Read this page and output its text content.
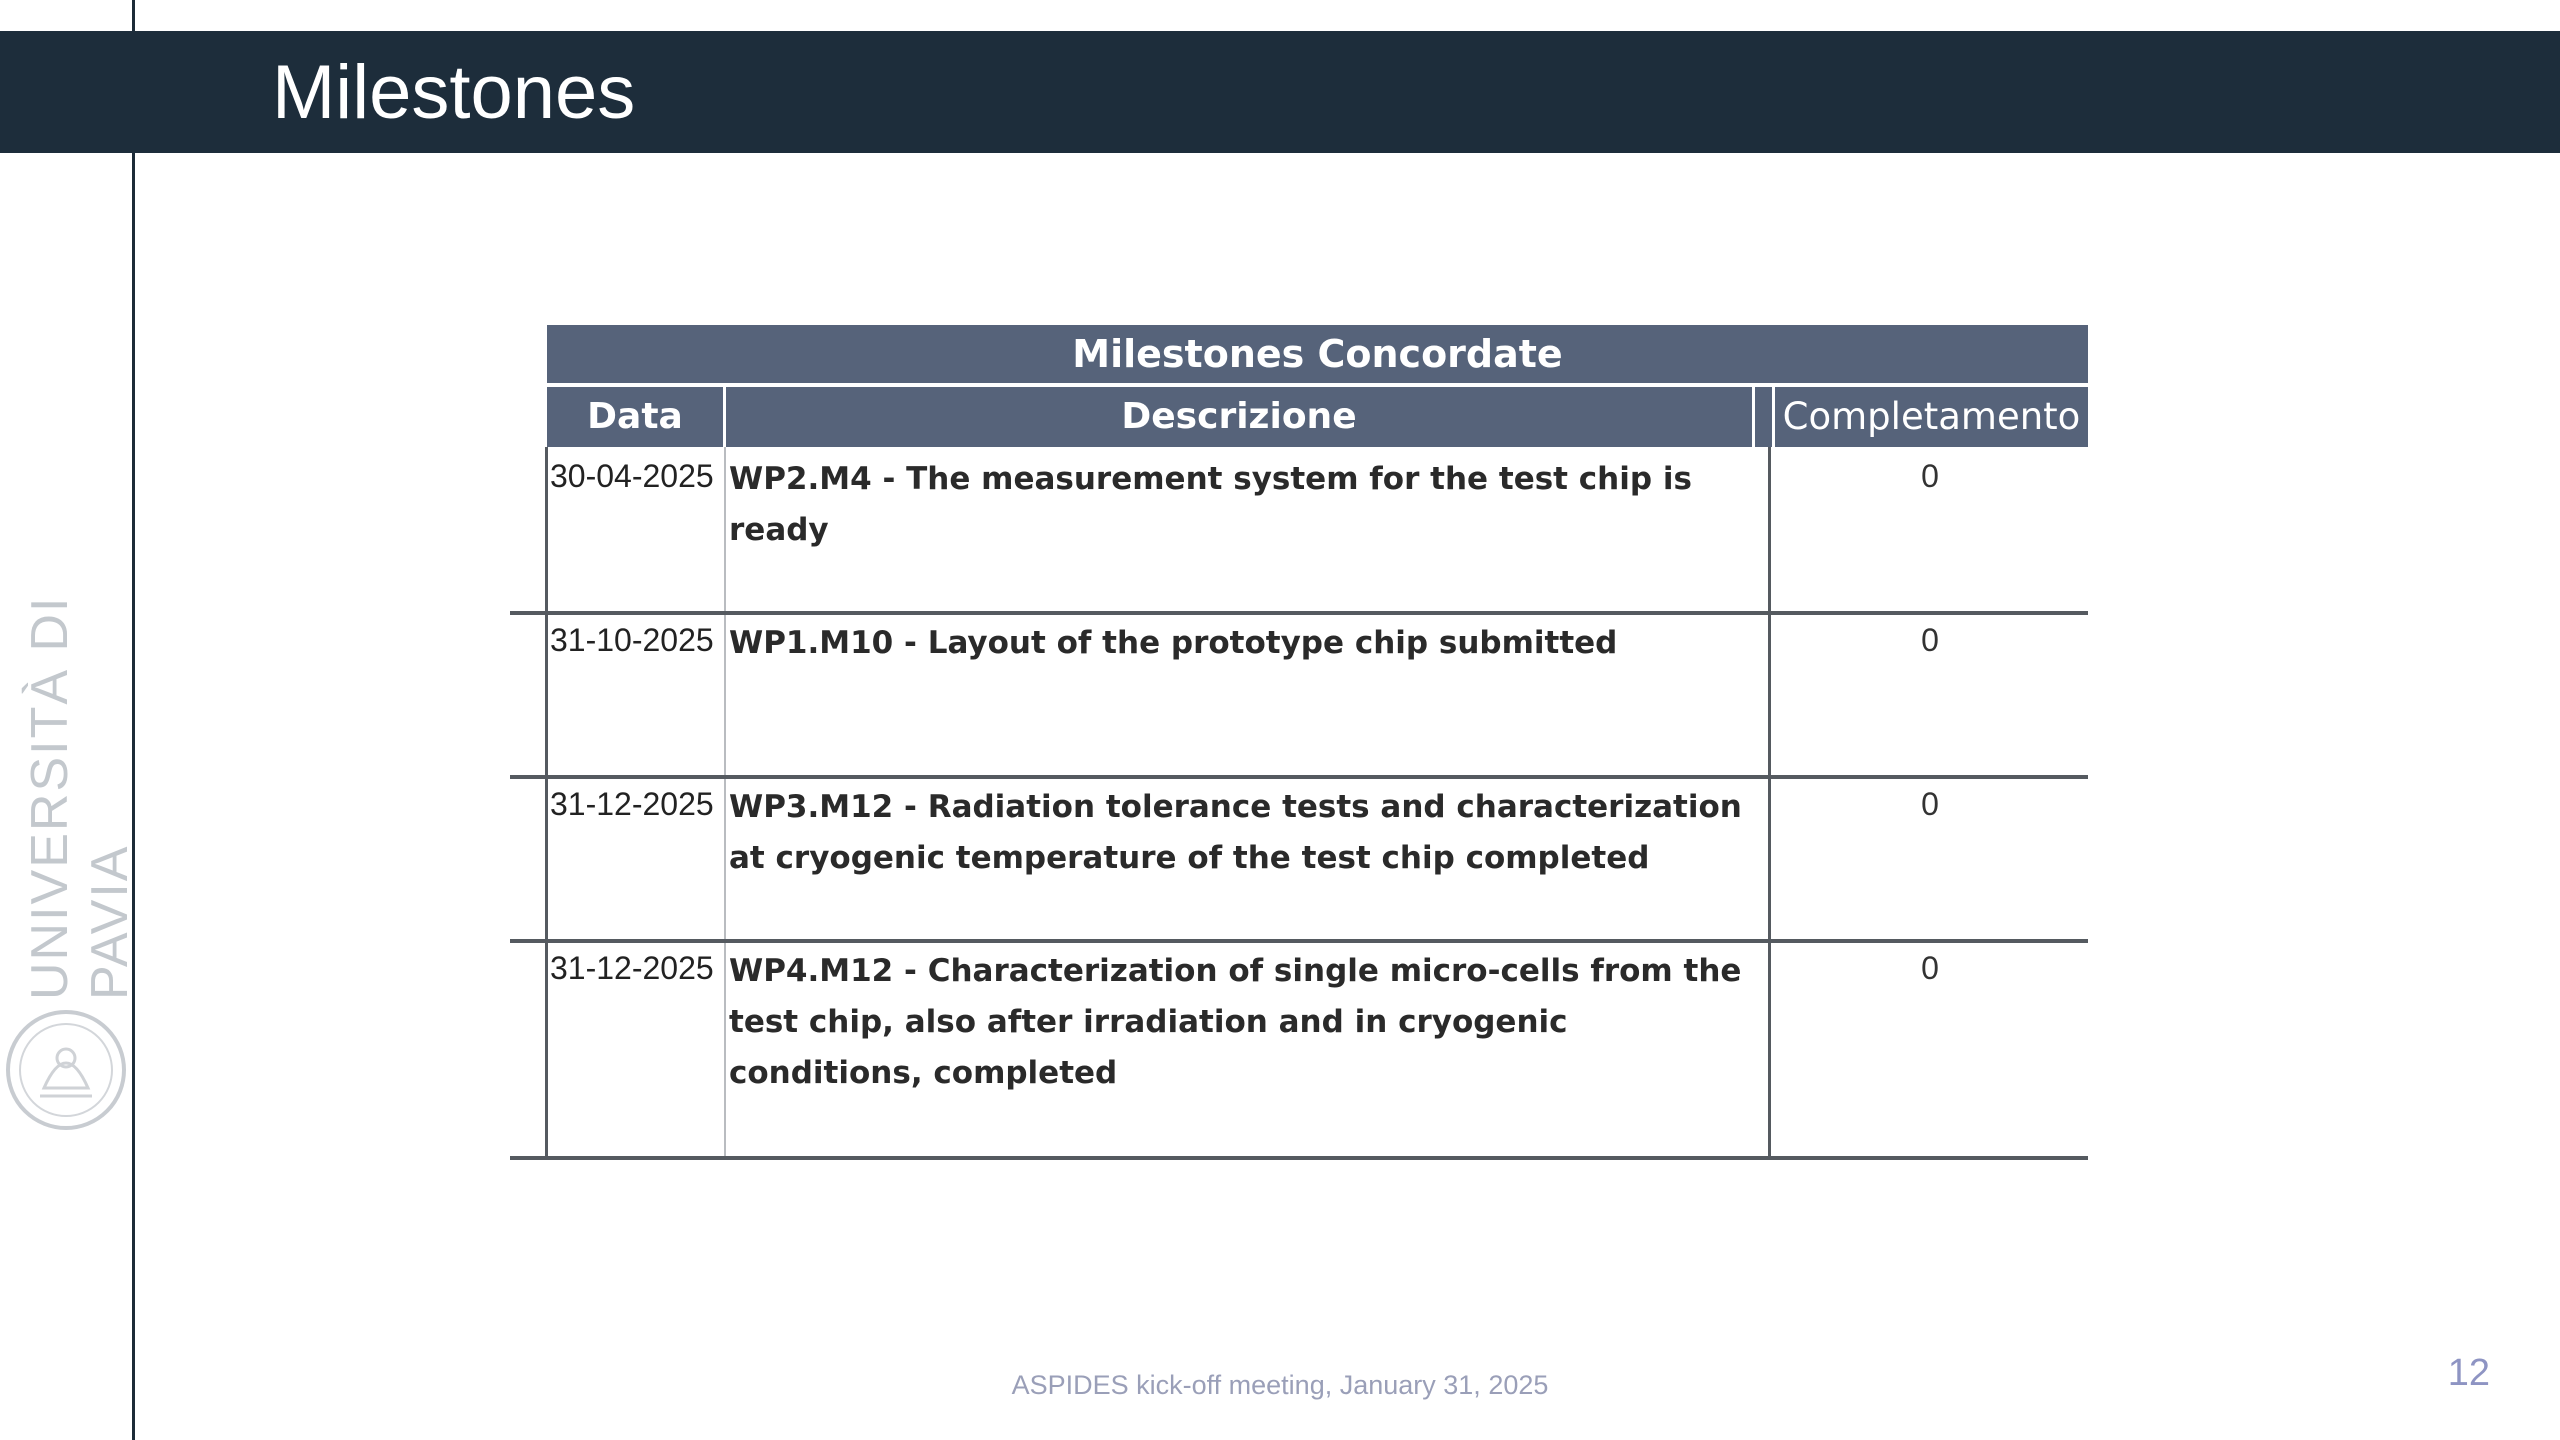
Milestones
UNIVERSITÀ DI PAVIA
Milestones Concordate
Data	Descrizione	Completamento
30-04-2025 WP2.M4 - The measurement system for the test chip is ready
0
31-10-2025 WP1.M10 - Layout of the prototype chip submitted	0
31-12-2025 WP3.M12 - Radiation tolerance tests and characterization at cryogenic temperature of the test chip completed
0
31-12-2025 WP4.M12 - Characterization of single micro-cells from the test chip, also after irradiation and in cryogenic conditions, completed
0
ASPIDES kick-off meeting, January 31, 2025	12
